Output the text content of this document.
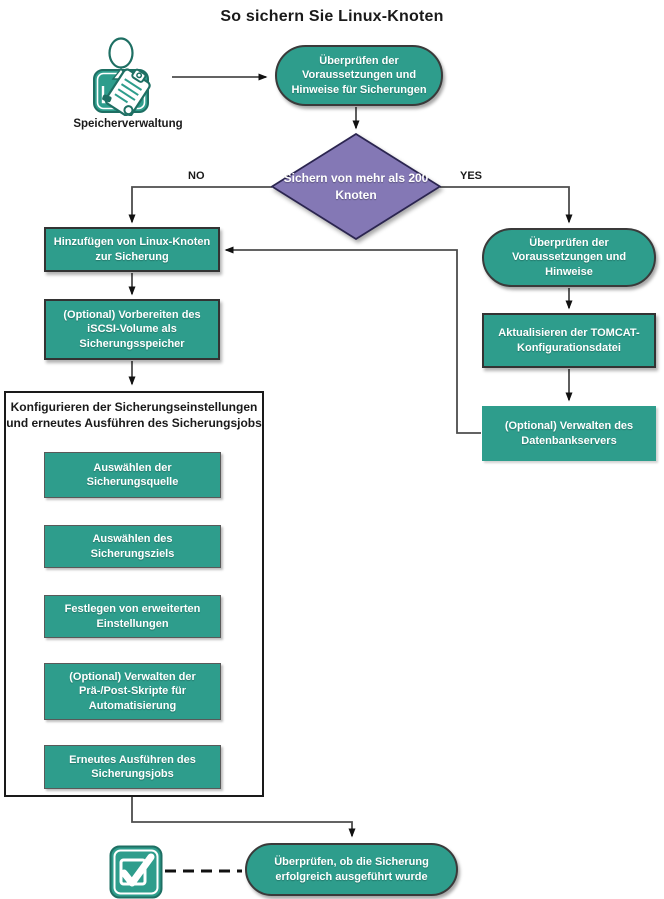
So sichern Sie Linux-Knoten
Speicherverwaltung
Überprüfen der Voraussetzungen und Hinweise für Sicherungen
Sichern von mehr als 200 Knoten
NO	YES
Hinzufügen von Linux-Knoten zur Sicherung
(Optional) Vorbereiten des iSCSI-Volume als Sicherungsspeicher
Konfigurieren der Sicherungseinstellungen und erneutes Ausführen des Sicherungsjobs
Auswählen der Sicherungsquelle
Auswählen des Sicherungsziels
Festlegen von erweiterten Einstellungen
(Optional) Verwalten der Prä-/Post-Skripte für Automatisierung
Erneutes Ausführen des Sicherungsjobs
Überprüfen der Voraussetzungen und Hinweise
Aktualisieren der TOMCAT-Konfigurationsdatei
(Optional) Verwalten des Datenbankservers
Überprüfen, ob die Sicherung erfolgreich ausgeführt wurde
